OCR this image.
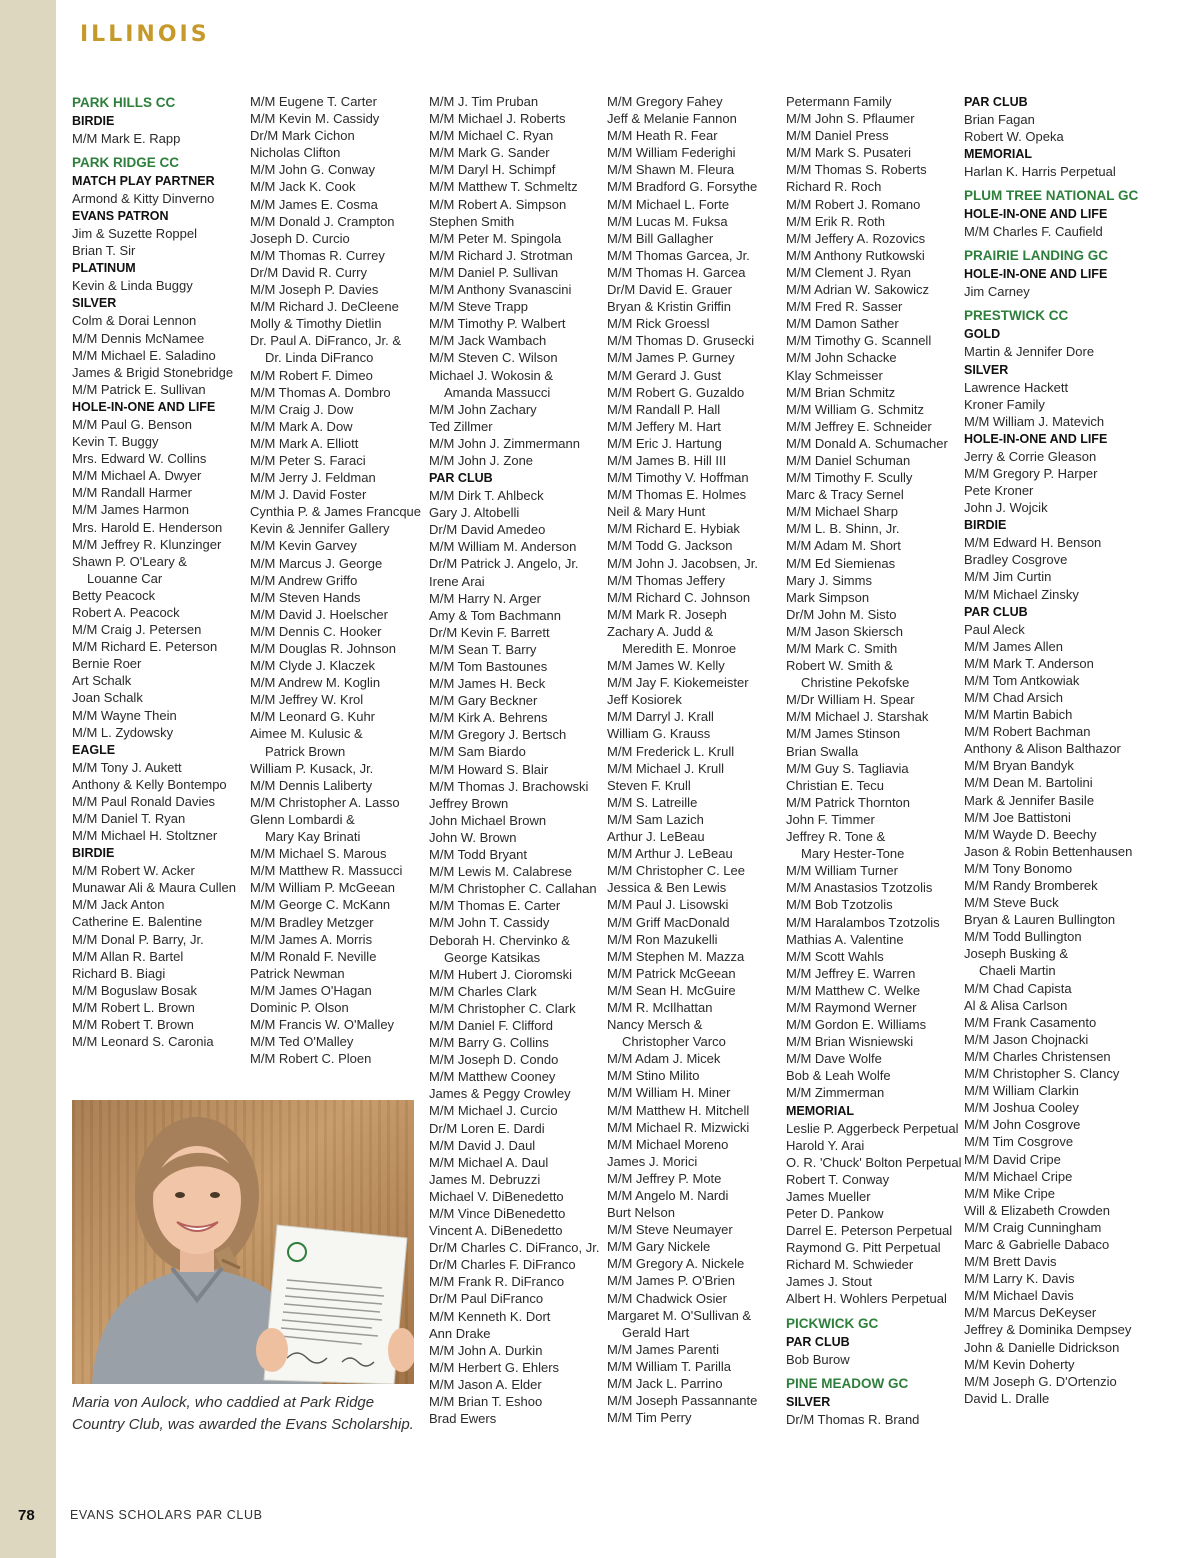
ILLINOIS
PARK HILLS CC
BIRDIE
M/M Mark E. Rapp
PARK RIDGE CC
MATCH PLAY PARTNER
Armond & Kitty Dinverno
EVANS PATRON
Jim & Suzette Roppel
Brian T. Sir
PLATINUM
Kevin & Linda Buggy
SILVER
Colm & Dorai Lennon
M/M Dennis McNamee
M/M Michael E. Saladino
James & Brigid Stonebridge
M/M Patrick E. Sullivan
HOLE-IN-ONE AND LIFE
M/M Paul G. Benson
Kevin T. Buggy
Mrs. Edward W. Collins
M/M Michael A. Dwyer
M/M Randall Harmer
M/M James Harmon
Mrs. Harold E. Henderson
M/M Jeffrey R. Klunzinger
Shawn P. O'Leary &
Louanne Car
Betty Peacock
Robert A. Peacock
M/M Craig J. Petersen
M/M Richard E. Peterson
Bernie Roer
Art Schalk
Joan Schalk
M/M Wayne Thein
M/M L. Zydowsky
EAGLE
M/M Tony J. Aukett
Anthony & Kelly Bontempo
M/M Paul Ronald Davies
M/M Daniel T. Ryan
M/M Michael H. Stoltzner
BIRDIE
M/M Robert W. Acker
Munawar Ali & Maura Cullen
M/M Jack Anton
Catherine E. Balentine
M/M Donal P. Barry, Jr.
M/M Allan R. Bartel
Richard B. Biagi
M/M Boguslaw Bosak
M/M Robert L. Brown
M/M Robert T. Brown
M/M Leonard S. Caronia
M/M Eugene T. Carter
M/M Kevin M. Cassidy
Dr/M Mark Cichon
Nicholas Clifton
M/M John G. Conway
M/M Jack K. Cook
M/M James E. Cosma
M/M Donald J. Crampton
Joseph D. Curcio
M/M Thomas R. Currey
Dr/M David R. Curry
M/M Joseph P. Davies
M/M Richard J. DeCleene
Molly & Timothy Dietlin
Dr. Paul A. DiFranco, Jr. &
Dr. Linda DiFranco
M/M Robert F. Dimeo
M/M Thomas A. Dombro
M/M Craig J. Dow
M/M Mark A. Dow
M/M Mark A. Elliott
M/M Peter S. Faraci
M/M Jerry J. Feldman
M/M J. David Foster
Cynthia P. & James Francque
Kevin & Jennifer Gallery
M/M Kevin Garvey
M/M Marcus J. George
M/M Andrew Griffo
M/M Steven Hands
M/M David J. Hoelscher
M/M Dennis C. Hooker
M/M Douglas R. Johnson
M/M Clyde J. Klaczek
M/M Andrew M. Koglin
M/M Jeffrey W. Krol
M/M Leonard G. Kuhr
Aimee M. Kulusic &
Patrick Brown
William P. Kusack, Jr.
M/M Dennis Laliberty
M/M Christopher A. Lasso
Glenn Lombardi &
Mary Kay Brinati
M/M Michael S. Marous
M/M Matthew R. Massucci
M/M William P. McGeean
M/M George C. McKann
M/M Bradley Metzger
M/M James A. Morris
M/M Ronald F. Neville
Patrick Newman
M/M James O'Hagan
Dominic P. Olson
M/M Francis W. O'Malley
M/M Ted O'Malley
M/M Robert C. Ploen
M/M J. Tim Pruban
M/M Michael J. Roberts
M/M Michael C. Ryan
M/M Mark G. Sander
M/M Daryl H. Schimpf
M/M Matthew T. Schmeltz
M/M Robert A. Simpson
Stephen Smith
M/M Peter M. Spingola
M/M Richard J. Strotman
M/M Daniel P. Sullivan
M/M Anthony Svanascini
M/M Steve Trapp
M/M Timothy P. Walbert
M/M Jack Wambach
M/M Steven C. Wilson
Michael J. Wokosin &
Amanda Massucci
M/M John Zachary
Ted Zillmer
M/M John J. Zimmermann
M/M John J. Zone
PAR CLUB
M/M Dirk T. Ahlbeck
Gary J. Altobelli
Dr/M David Amedeo
M/M William M. Anderson
Dr/M Patrick J. Angelo, Jr.
Irene Arai
M/M Harry N. Arger
Amy & Tom Bachmann
Dr/M Kevin F. Barrett
M/M Sean T. Barry
M/M Tom Bastounes
M/M James H. Beck
M/M Gary Beckner
M/M Kirk A. Behrens
M/M Gregory J. Bertsch
M/M Sam Biardo
M/M Howard S. Blair
M/M Thomas J. Brachowski
Jeffrey Brown
John Michael Brown
John W. Brown
M/M Todd Bryant
M/M Lewis M. Calabrese
M/M Christopher C. Callahan
M/M Thomas E. Carter
M/M John T. Cassidy
Deborah H. Chervinko &
George Katsikas
M/M Hubert J. Cioromski
M/M Charles Clark
M/M Christopher C. Clark
M/M Daniel F. Clifford
M/M Barry G. Collins
M/M Joseph D. Condo
M/M Matthew Cooney
James & Peggy Crowley
M/M Michael J. Curcio
Dr/M Loren E. Dardi
M/M David J. Daul
M/M Michael A. Daul
James M. Debruzzi
Michael V. DiBenedetto
M/M Vince DiBenedetto
Vincent A. DiBenedetto
Dr/M Charles C. DiFranco, Jr.
Dr/M Charles F. DiFranco
M/M Frank R. DiFranco
Dr/M Paul DiFranco
M/M Kenneth K. Dort
Ann Drake
M/M John A. Durkin
M/M Herbert G. Ehlers
M/M Jason A. Elder
M/M Brian T. Eshoo
Brad Ewers
M/M Gregory Fahey
Jeff & Melanie Fannon
M/M Heath R. Fear
M/M William Federighi
M/M Shawn M. Fleura
M/M Bradford G. Forsythe
M/M Michael L. Forte
M/M Lucas M. Fuksa
M/M Bill Gallagher
M/M Thomas Garcea, Jr.
M/M Thomas H. Garcea
Dr/M David E. Grauer
Bryan & Kristin Griffin
M/M Rick Groessl
M/M Thomas D. Grusecki
M/M James P. Gurney
M/M Gerard J. Gust
M/M Robert G. Guzaldo
M/M Randall P. Hall
M/M Jeffery M. Hart
M/M Eric J. Hartung
M/M James B. Hill III
M/M Timothy V. Hoffman
M/M Thomas E. Holmes
Neil & Mary Hunt
M/M Richard E. Hybiak
M/M Todd G. Jackson
M/M John J. Jacobsen, Jr.
M/M Thomas Jeffery
M/M Richard C. Johnson
M/M Mark R. Joseph
Zachary A. Judd &
Meredith E. Monroe
M/M James W. Kelly
M/M Jay F. Kiokemeister
Jeff Kosiorek
M/M Darryl J. Krall
William G. Krauss
M/M Frederick L. Krull
M/M Michael J. Krull
Steven F. Krull
M/M S. Latreille
M/M Sam Lazich
Arthur J. LeBeau
M/M Arthur J. LeBeau
M/M Christopher C. Lee
Jessica & Ben Lewis
M/M Paul J. Lisowski
M/M Griff MacDonald
M/M Ron Mazukelli
M/M Stephen M. Mazza
M/M Patrick McGeean
M/M Sean H. McGuire
M/M R. McIlhattan
Nancy Mersch &
Christopher Varco
M/M Adam J. Micek
M/M Stino Milito
M/M William H. Miner
M/M Matthew H. Mitchell
M/M Michael R. Mizwicki
M/M Michael Moreno
James J. Morici
M/M Jeffrey P. Mote
M/M Angelo M. Nardi
Burt Nelson
M/M Steve Neumayer
M/M Gary Nickele
M/M Gregory A. Nickele
M/M James P. O'Brien
M/M Chadwick Osier
Margaret M. O'Sullivan &
Gerald Hart
M/M James Parenti
M/M William T. Parilla
M/M Jack L. Parrino
M/M Joseph Passannante
M/M Tim Perry
Petermann Family
M/M John S. Pflaumer
M/M Daniel Press
M/M Mark S. Pusateri
M/M Thomas S. Roberts
Richard R. Roch
M/M Robert J. Romano
M/M Erik R. Roth
M/M Jeffery A. Rozovics
M/M Anthony Rutkowski
M/M Clement J. Ryan
M/M Adrian W. Sakowicz
M/M Fred R. Sasser
M/M Damon Sather
M/M Timothy G. Scannell
M/M John Schacke
Klay Schmeisser
M/M Brian Schmitz
M/M William G. Schmitz
M/M Jeffrey E. Schneider
M/M Donald A. Schumacher
M/M Daniel Schuman
M/M Timothy F. Scully
Marc & Tracy Sernel
M/M Michael Sharp
M/M L. B. Shinn, Jr.
M/M Adam M. Short
M/M Ed Siemienas
Mary J. Simms
Mark Simpson
Dr/M John M. Sisto
M/M Jason Skiersch
M/M Mark C. Smith
Robert W. Smith &
Christine Pekofske
M/Dr William H. Spear
M/M Michael J. Starshak
M/M James Stinson
Brian Swalla
M/M Guy S. Tagliavia
Christian E. Tecu
M/M Patrick Thornton
John F. Timmer
Jeffrey R. Tone &
Mary Hester-Tone
M/M William Turner
M/M Anastasios Tzotzolis
M/M Bob Tzotzolis
M/M Haralambos Tzotzolis
Mathias A. Valentine
M/M Scott Wahls
M/M Jeffrey E. Warren
M/M Matthew C. Welke
M/M Raymond Werner
M/M Gordon E. Williams
M/M Brian Wisniewski
M/M Dave Wolfe
Bob & Leah Wolfe
M/M Zimmerman
MEMORIAL
Leslie P. Aggerbeck Perpetual
Harold Y. Arai
O. R. 'Chuck' Bolton Perpetual
Robert T. Conway
James Mueller
Peter D. Pankow
Darrel E. Peterson Perpetual
Raymond G. Pitt Perpetual
Richard M. Schwieder
James J. Stout
Albert H. Wohlers Perpetual
PICKWICK GC
PAR CLUB
Bob Burow
PINE MEADOW GC
SILVER
Dr/M Thomas R. Brand
PAR CLUB
Brian Fagan
Robert W. Opeka
MEMORIAL
Harlan K. Harris Perpetual
PLUM TREE NATIONAL GC
HOLE-IN-ONE AND LIFE
M/M Charles F. Caufield
PRAIRIE LANDING GC
HOLE-IN-ONE AND LIFE
Jim Carney
PRESTWICK CC
GOLD
Martin & Jennifer Dore
SILVER
Lawrence Hackett
Kroner Family
M/M William J. Matevich
HOLE-IN-ONE AND LIFE
Jerry & Corrie Gleason
M/M Gregory P. Harper
Pete Kroner
John J. Wojcik
BIRDIE
M/M Edward H. Benson
Bradley Cosgrove
M/M Jim Curtin
M/M Michael Zinsky
PAR CLUB
Paul Aleck
M/M James Allen
M/M Mark T. Anderson
M/M Tom Antkowiak
M/M Chad Arsich
M/M Martin Babich
M/M Robert Bachman
Anthony & Alison Balthazor
M/M Bryan Bandyk
M/M Dean M. Bartolini
Mark & Jennifer Basile
M/M Joe Battistoni
M/M Wayde D. Beechy
Jason & Robin Bettenhausen
M/M Tony Bonomo
M/M Randy Bromberek
M/M Steve Buck
Bryan & Lauren Bullington
M/M Todd Bullington
Joseph Busking &
Chaeli Martin
M/M Chad Capista
Al & Alisa Carlson
M/M Frank Casamento
M/M Jason Chojnacki
M/M Charles Christensen
M/M Christopher S. Clancy
M/M William Clarkin
M/M Joshua Cooley
M/M John Cosgrove
M/M Tim Cosgrove
M/M David Cripe
M/M Michael Cripe
M/M Mike Cripe
Will & Elizabeth Crowden
M/M Craig Cunningham
Marc & Gabrielle Dabaco
M/M Brett Davis
M/M Larry K. Davis
M/M Michael Davis
M/M Marcus DeKeyser
Jeffrey & Dominika Dempsey
John & Danielle Didrickson
M/M Kevin Doherty
M/M Joseph G. D'Ortenzio
David L. Dralle

Maria von Aulock, who caddied at Park Ridge Country Club, was awarded the Evans Scholarship.

78	EVANS SCHOLARS PAR CLUB
